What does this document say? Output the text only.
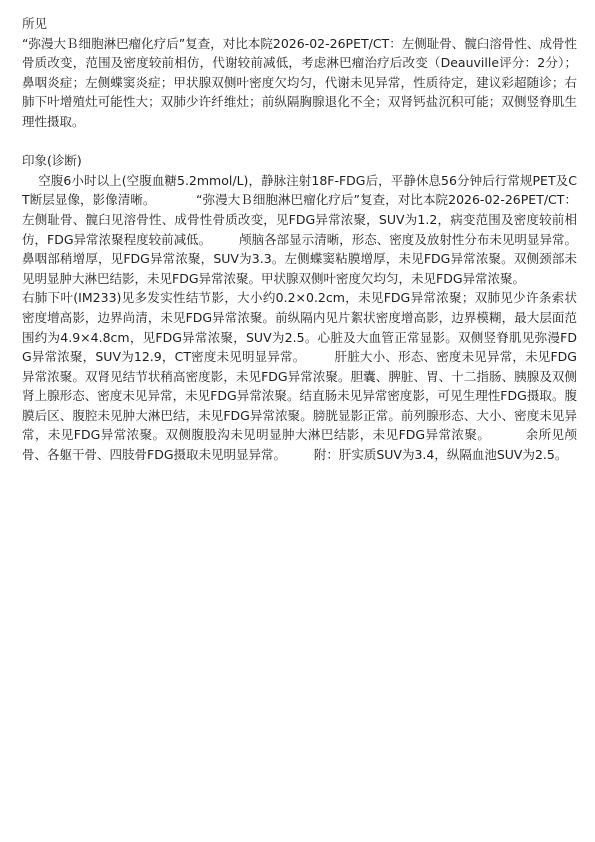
所见

“弥漫大Ｂ细胞淋巴瘤化疗后”复查，对比本院2026-02-26PET/CT：左侧耻骨、髋臼溶骨性、成骨性骨质改变，范围及密度较前相仿，代谢较前减低，考虑淋巴瘤治疗后改变（Deauville评分：2分）；鼻咽炎症；左侧蝶窦炎症；甲状腺双侧叶密度欠均匀，代谢未见异常，性质待定，建议彩超随诊；右肺下叶增殖灶可能性大；双肺少许纤维灶；前纵隔胸腺退化不全；双肾钙盐沉积可能；双侧竖脊肌生理性摄取。

印象(诊断)

空腹6小时以上(空腹血糖5.2mmol/L)，静脉注射18F-FDG后，平静休息56分钟后行常规PET及CT断层显像，影像清晰。          “弥漫大Ｂ细胞淋巴瘤化疗后”复查，对比本院2026-02-26PET/CT：左侧耻骨、髋臼见溶骨性、成骨性骨质改变，见FDG异常浓聚，SUV为1.2，病变范围及密度较前相仿，FDG异常浓聚程度较前减低。       颅脑各部显示清晰，形态、密度及放射性分布未见明显异常。鼻咽部稍增厚，见FDG异常浓聚，SUV为3.3。左侧蝶窦粘膜增厚，未见FDG异常浓聚。双侧颈部未见明显肿大淋巴结影，未见FDG异常浓聚。甲状腺双侧叶密度欠均匀，未见FDG异常浓聚。

右肺下叶(IM233)见多发实性结节影，大小约0.2×0.2cm，未见FDG异常浓聚；双肺见少许条索状密度增高影，边界尚清，未见FDG异常浓聚。前纵隔内见片絮状密度增高影，边界模糊，最大层面范围约为4.9×4.8cm，见FDG异常浓聚，SUV为2.5。心脏及大血管正常显影。双侧竖脊肌见弥漫FDG异常浓聚，SUV为12.9，CT密度未见明显异常。       肝脏大小、形态、密度未见异常，未见FDG异常浓聚。双肾见结节状稍高密度影，未见FDG异常浓聚。胆囊、脾脏、胃、十二指肠、胰腺及双侧肾上腺形态、密度未见异常，未见FDG异常浓聚。结直肠未见异常密度影，可见生理性FDG摄取。腹膜后区、腹腔未见肿大淋巴结，未见FDG异常浓聚。膀胱显影正常。前列腺形态、大小、密度未见异常，未见FDG异常浓聚。双侧腹股沟未见明显肿大淋巴结影，未见FDG异常浓聚。        余所见颅骨、各躯干骨、四肢骨FDG摄取未见明显异常。       附：肝实质SUV为3.4，纵隔血池SUV为2.5。
